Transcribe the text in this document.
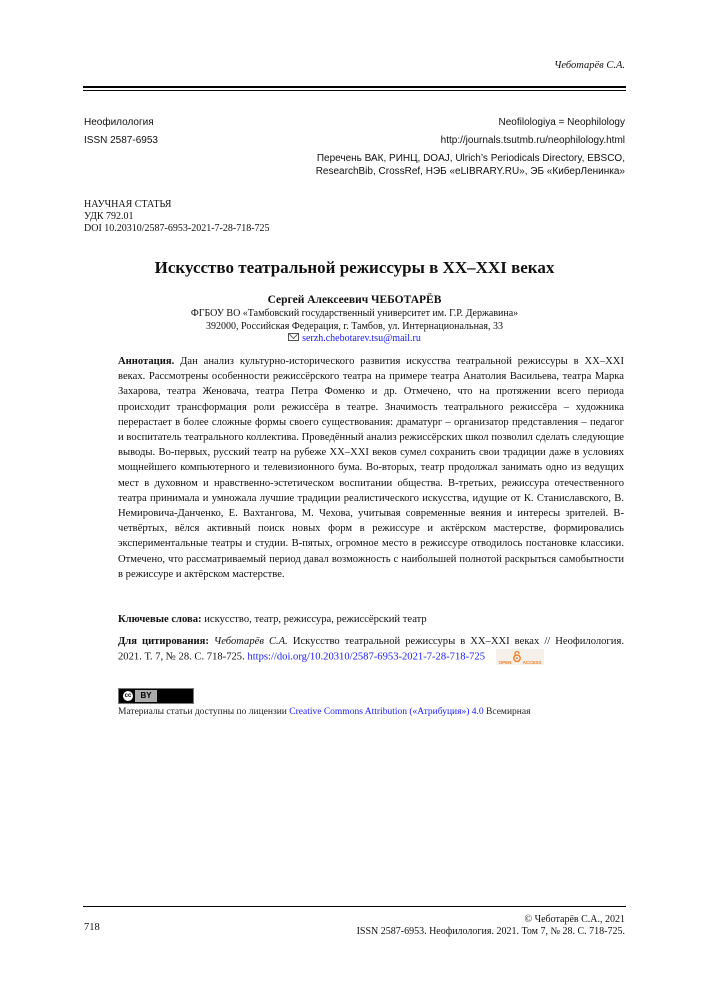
Чеботарёв С.А.
Неофилология
ISSN 2587-6953
Neofilologiya = Neophilology
http://journals.tsutmb.ru/neophilology.html
Перечень ВАК, РИНЦ, DOAJ, Ulrich’s Periodicals Directory, EBSCO,
ResearchBib, CrossRef, НЭБ «eLIBRARY.RU», ЭБ «КиберЛенинка»
НАУЧНАЯ СТАТЬЯ
УДК 792.01
DOI 10.20310/2587-6953-2021-7-28-718-725
Искусство театральной режиссуры в XX–XXI веках
Сергей Алексеевич ЧЕБОТАРЁВ
ФГБОУ ВО «Тамбовский государственный университет им. Г.Р. Державина»
392000, Российская Федерация, г. Тамбов, ул. Интернациональная, 33
serzh.chebotarev.tsu@mail.ru
Аннотация. Дан анализ культурно-исторического развития искусства театральной режиссуры в XX–XXI веках. Рассмотрены особенности режиссёрского театра на примере театра Анатолия Васильева, театра Марка Захарова, театра Женовача, театра Петра Фоменко и др. Отмечено, что на протяжении всего периода происходит трансформация роли режиссёра в театре. Значимость театрального режиссёра – художника перерастает в более сложные формы своего существования: драматург – организатор представления – педагог и воспитатель театрального коллектива. Проведённый анализ режиссёрских школ позволил сделать следующие выводы. Во-первых, русский театр на рубеже XX–XXI веков сумел сохранить свои традиции даже в условиях мощнейшего компьютерного и телевизионного бума. Во-вторых, театр продолжал занимать одно из ведущих мест в духовном и нравственно-эстетическом воспитании общества. В-третьих, режиссура отечественного театра принимала и умножала лучшие традиции реалистического искусства, идущие от К. Станиславского, В. Немировича-Данченко, Е. Вахтангова, М. Чехова, учитывая современные веяния и интересы зрителей. В-четвёртых, вёлся активный поиск новых форм в режиссуре и актёрском мастерстве, формировались экспериментальные театры и студии. В-пятых, огромное место в режиссуре отводилось постановке классики. Отмечено, что рассматриваемый период давал возможность с наибольшей полнотой раскрыться самобытности в режиссуре и актёрском мастерстве.
Ключевые слова: искусство, театр, режиссура, режиссёрский театр
Для цитирования: Чеботарёв С.А. Искусство театральной режиссуры в XX–XXI веках // Неофилология. 2021. Т. 7, № 28. С. 718-725. https://doi.org/10.20310/2587-6953-2021-7-28-718-725
OPEN ACCESS
cc	BY
Материалы статьи доступны по лицензии Creative Commons Attribution («Атрибуция») 4.0 Всемирная
© Чеботарёв С.А., 2021
718	ISSN 2587-6953. Неофилология. 2021. Том 7, № 28. С. 718-725.
